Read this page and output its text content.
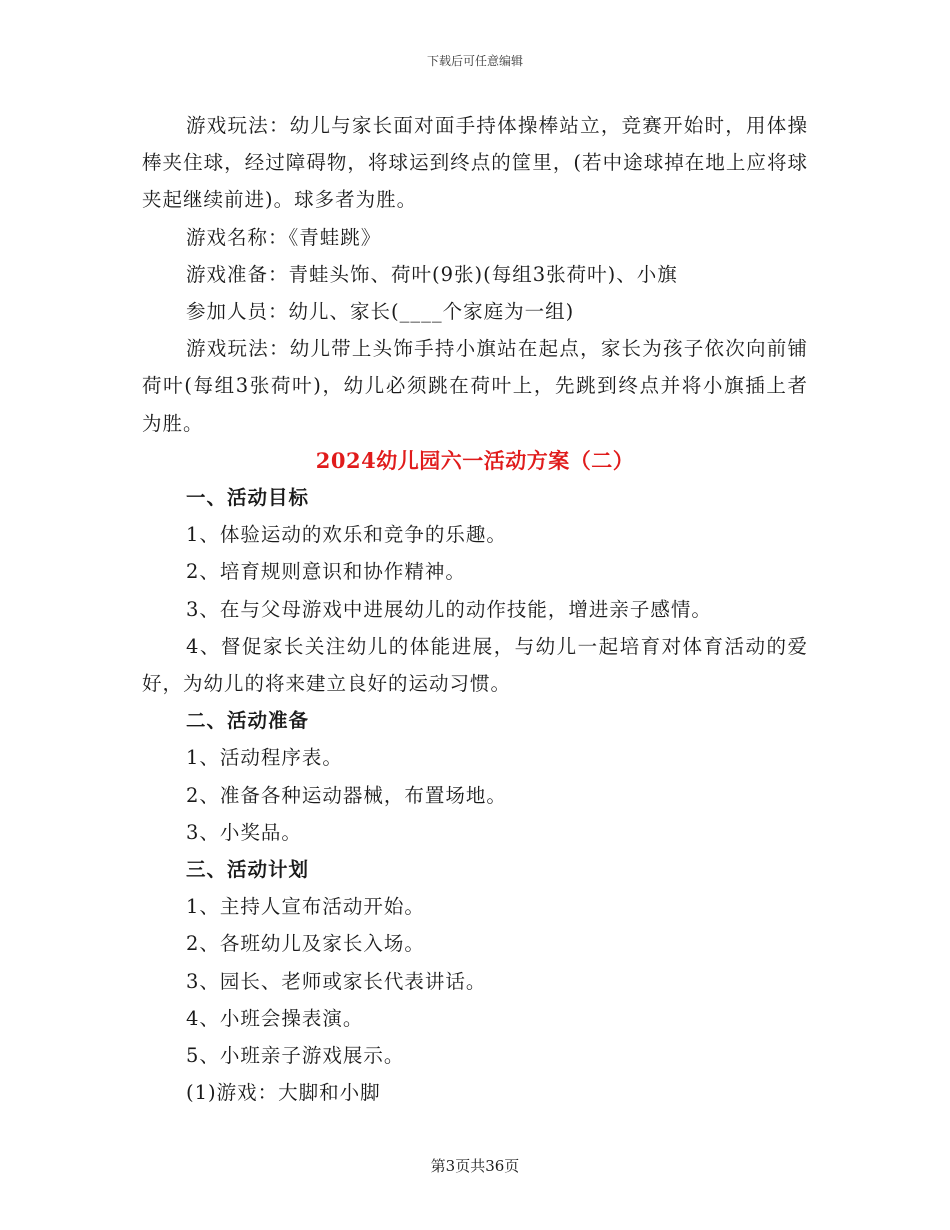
下载后可任意编辑

游戏玩法：幼儿与家长面对面手持体操棒站立，竞赛开始时，用体操棒夹住球，经过障碍物，将球运到终点的筐里，(若中途球掉在地上应将球夹起继续前进)。球多者为胜。

游戏名称：《青蛙跳》

游戏准备：青蛙头饰、荷叶(9张)(每组3张荷叶)、小旗

参加人员：幼儿、家长(____个家庭为一组)

游戏玩法：幼儿带上头饰手持小旗站在起点，家长为孩子依次向前铺荷叶(每组3张荷叶)，幼儿必须跳在荷叶上，先跳到终点并将小旗插上者为胜。

2024幼儿园六一活动方案（二）

一、活动目标

1、体验运动的欢乐和竞争的乐趣。

2、培育规则意识和协作精神。

3、在与父母游戏中进展幼儿的动作技能，增进亲子感情。

4、督促家长关注幼儿的体能进展，与幼儿一起培育对体育活动的爱好，为幼儿的将来建立良好的运动习惯。

二、活动准备

1、活动程序表。

2、准备各种运动器械，布置场地。

3、小奖品。

三、活动计划

1、主持人宣布活动开始。

2、各班幼儿及家长入场。

3、园长、老师或家长代表讲话。

4、小班会操表演。

5、小班亲子游戏展示。

(1)游戏：大脚和小脚

第3页共36页
